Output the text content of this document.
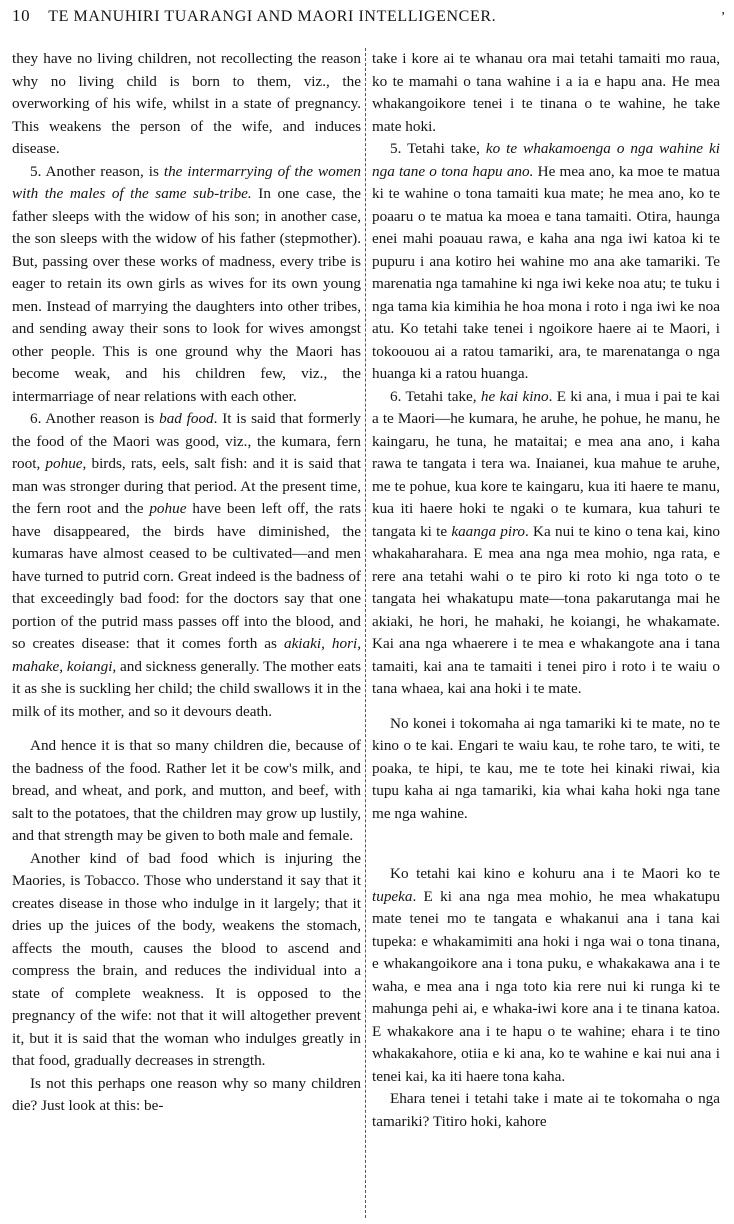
10 TE MANUHIRI TUARANGI AND MAORI INTELLIGENCER.	’

they have no living children, not recollecting the reason why no living child is born to them, viz., the overworking of his wife, whilst in a state of pregnancy. This weakens the person of the wife, and induces disease.

5. Another reason, is the intermarrying of the women with the males of the same sub-tribe. In one case, the father sleeps with the widow of his son; in another case, the son sleeps with the widow of his father (stepmother). But, passing over these works of madness, every tribe is eager to retain its own girls as wives for its own young men. Instead of marrying the daughters into other tribes, and sending away their sons to look for wives amongst other people. This is one ground why the Maori has become weak, and his children few, viz., the intermarriage of near relations with each other.

6. Another reason is bad food. It is said that formerly the food of the Maori was good, viz., the kumara, fern root, pohue, birds, rats, eels, salt fish: and it is said that man was stronger during that period. At the present time, the fern root and the pohue have been left off, the rats have disappeared, the birds have diminished, the kumaras have almost ceased to be cultivated—and men have turned to putrid corn. Great indeed is the badness of that exceedingly bad food: for the doctors say that one portion of the putrid mass passes off into the blood, and so creates disease: that it comes forth as akiaki, hori, mahake, koiangi, and sickness generally. The mother eats it as she is suckling her child; the child swallows it in the milk of its mother, and so it devours death.

And hence it is that so many children die, because of the badness of the food. Rather let it be cow's milk, and bread, and wheat, and pork, and mutton, and beef, with salt to the potatoes, that the children may grow up lustily, and that strength may be given to both male and female.

Another kind of bad food which is injuring the Maories, is Tobacco. Those who understand it say that it creates disease in those who indulge in it largely; that it dries up the juices of the body, weakens the stomach, affects the mouth, causes the blood to ascend and compress the brain, and reduces the individual into a state of complete weakness. It is opposed to the pregnancy of the wife: not that it will altogether prevent it, but it is said that the woman who indulges greatly in that food, gradually decreases in strength.

Is not this perhaps one reason why so many children die? Just look at this: be-

take i kore ai te whanau ora mai tetahi tamaiti mo raua, ko te mamahi o tana wahine i a ia e hapu ana. He mea whakangoikore tenei i te tinana o te wahine, he take mate hoki.

5. Tetahi take, ko te whakamoenga o nga wahine ki nga tane o tona hapu ano. He mea ano, ka moe te matua ki te wahine o tona tamaiti kua mate; he mea ano, ko te poaaru o te matua ka moea e tana tamaiti. Otira, haunga enei mahi poauau rawa, e kaha ana nga iwi katoa ki te pupuru i ana kotiro hei wahine mo ana ake tamariki. Te marenatia nga tamahine ki nga iwi keke noa atu; te tuku i nga tama kia kimihia he hoa mona i roto i nga iwi ke noa atu. Ko tetahi take tenei i ngoikore haere ai te Maori, i tokoouou ai a ratou tamariki, ara, te marenatanga o nga huanga ki a ratou huanga.

6. Tetahi take, he kai kino. E ki ana, i mua i pai te kai a te Maori—he kumara, he aruhe, he pohue, he manu, he kaingaru, he tuna, he mataitai; e mea ana ano, i kaha rawa te tangata i tera wa. Inaianei, kua mahue te aruhe, me te pohue, kua kore te kaingaru, kua iti haere te manu, kua iti haere hoki te ngaki o te kumara, kua tahuri te tangata ki te kaanga piro. Ka nui te kino o tena kai, kino whakaharahara. E mea ana nga mea mohio, nga rata, e rere ana tetahi wahi o te piro ki roto ki nga toto o te tangata hei whakatupu mate—tona pakarutanga mai he akiaki, he hori, he mahaki, he koiangi, he whakamate. Kai ana nga whaerere i te mea e whakangote ana i tana tamaiti, kai ana te tamaiti i tenei piro i roto i te waiu o tana whaea, kai ana hoki i te mate.

No konei i tokomaha ai nga tamariki ki te mate, no te kino o te kai. Engari te waiu kau, te rohe taro, te witi, te poaka, te hipi, te kau, me te tote hei kinaki riwai, kia tupu kaha ai nga tamariki, kia whai kaha hoki nga tane me nga wahine.

Ko tetahi kai kino e kohuru ana i te Maori ko te tupeka. E ki ana nga mea mohio, he mea whakatupu mate tenei mo te tangata e whakanui ana i tana kai tupeka: e whakamimiti ana hoki i nga wai o tona tinana, e whakangoikore ana i tona puku, e whakakawa ana i te waha, e mea ana i nga toto kia rere nui ki runga ki te mahunga pehi ai, e whaka-iwi kore ana i te tinana katoa. E whakakore ana i te hapu o te wahine; ehara i te tino whakakahore, otiia e ki ana, ko te wahine e kai nui ana i tenei kai, ka iti haere tona kaha.

Ehara tenei i tetahi take i mate ai te tokomaha o nga tamariki? Titiro hoki, kahore
